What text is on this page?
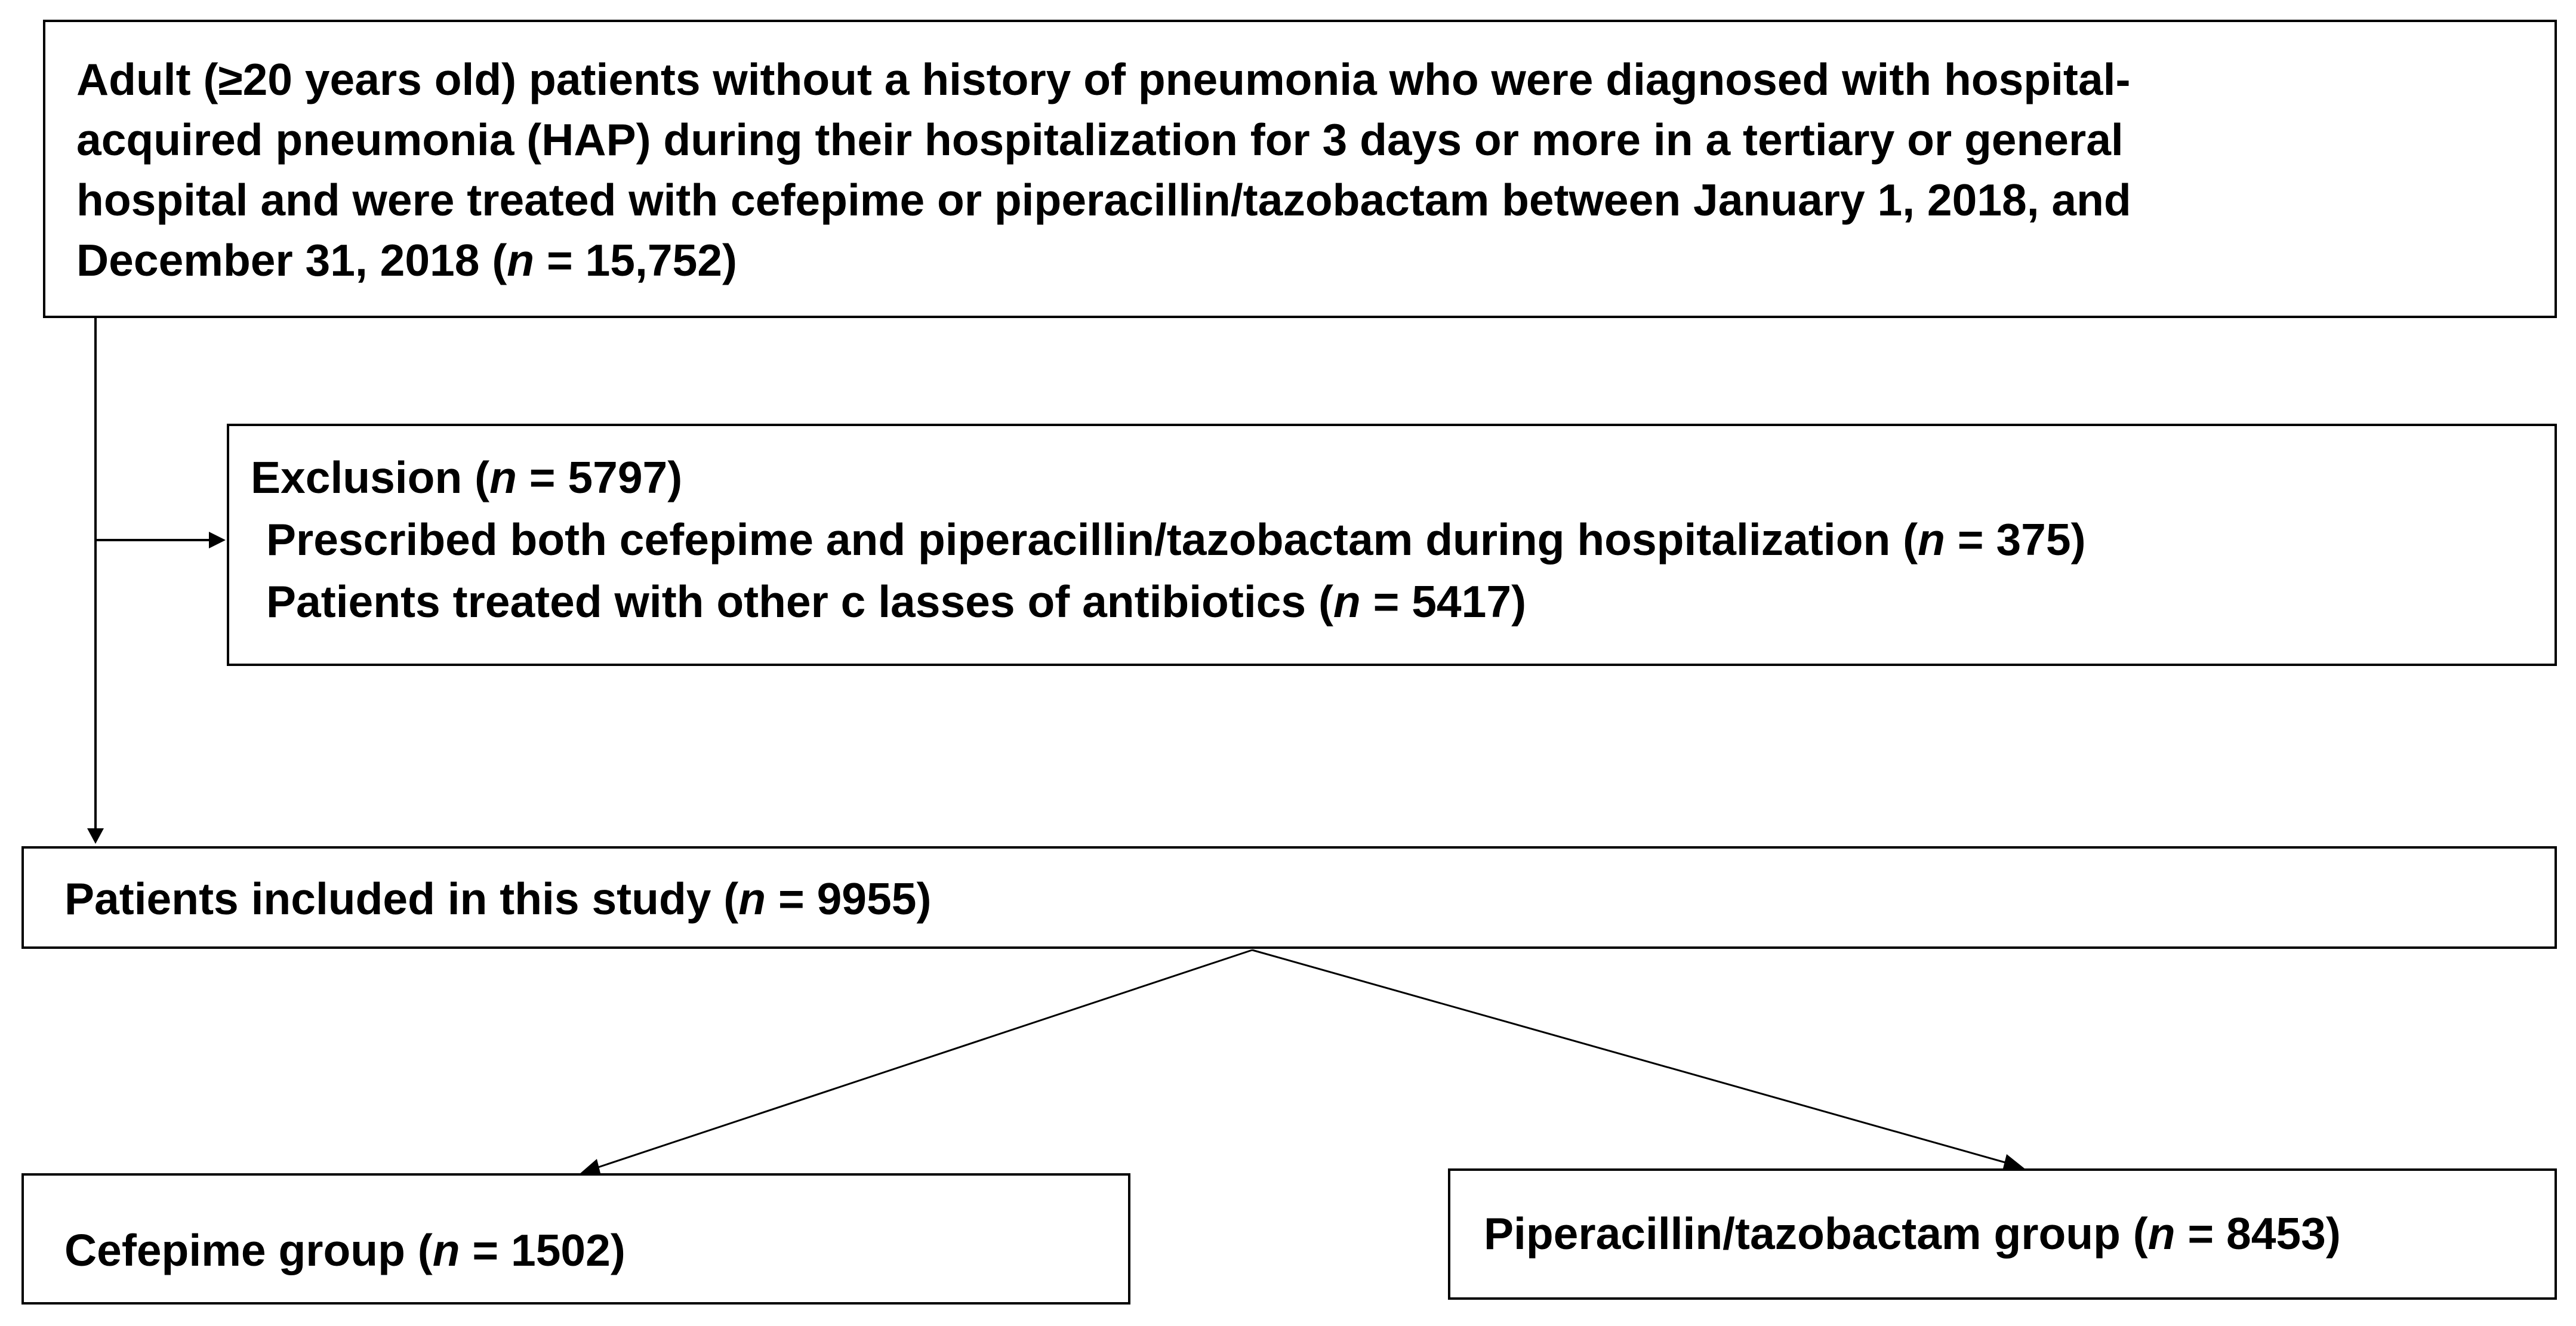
Adult (≥20 years old) patients without a history of pneumonia who were diagnosed with hospital-
acquired pneumonia (HAP) during their hospitalization for 3 days or more in a tertiary or general
hospital and were treated with cefepime or piperacillin/tazobactam between January 1, 2018, and
December 31, 2018 (n = 15,752)
Exclusion (n = 5797)
Prescribed both cefepime and piperacillin/tazobactam during hospitalization (n = 375)
Patients treated with other c lasses of antibiotics (n = 5417)
Patients included in this study (n = 9955)
Cefepime group (n = 1502)	Piperacillin/tazobactam group (n = 8453)
